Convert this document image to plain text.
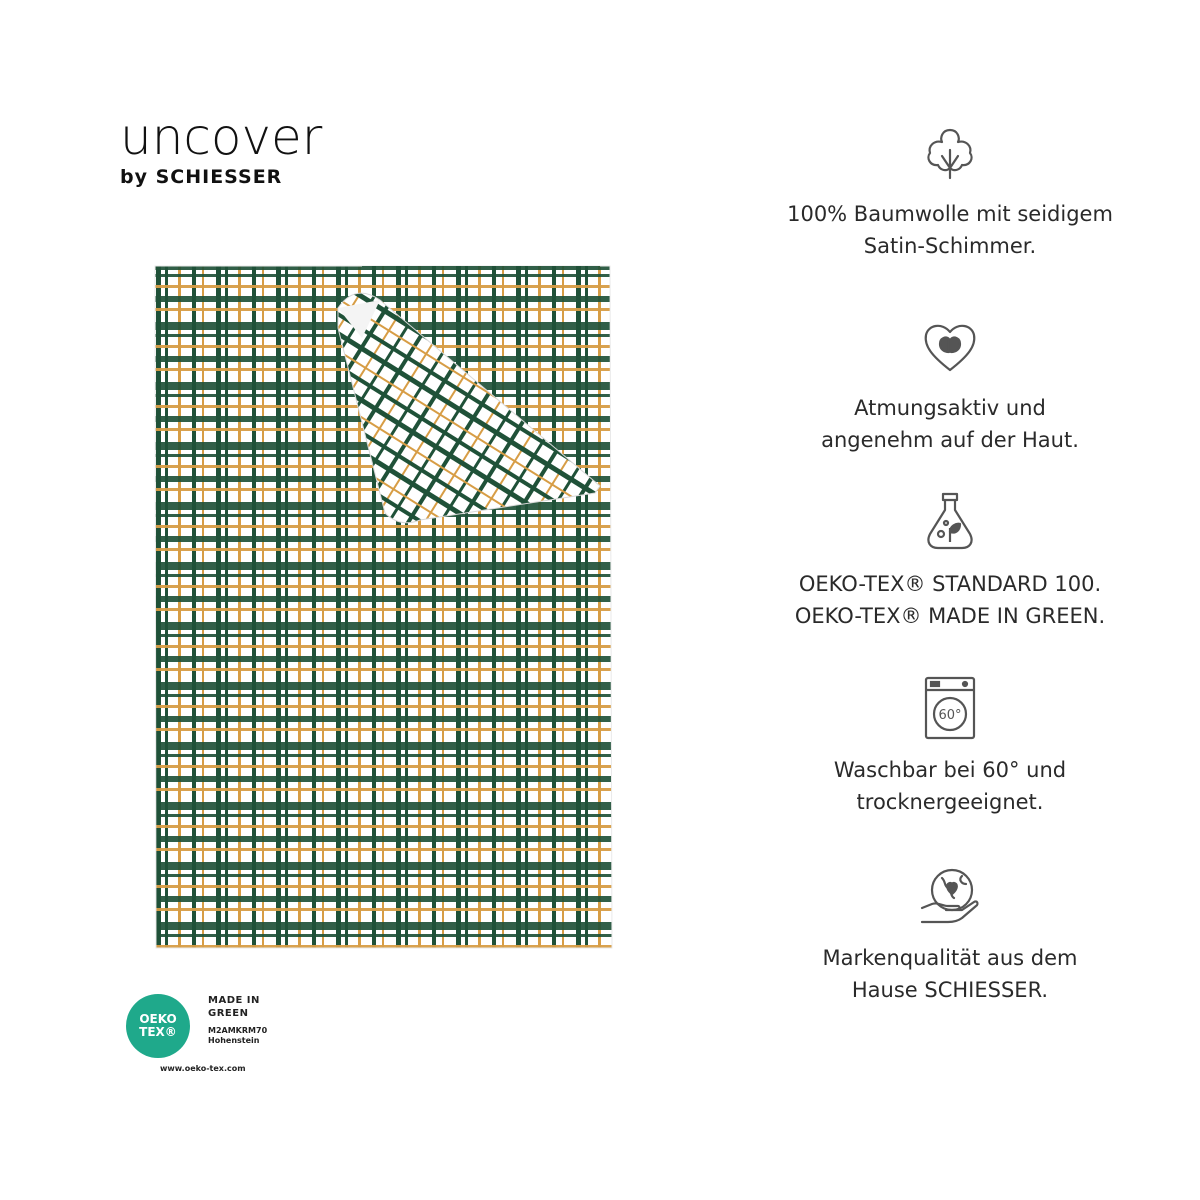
uncover
by SCHIESSER
OEKO
TEX®
MADE IN
GREEN
M2AMKRM70
Hohenstein
www.oeko-tex.com
100% Baumwolle mit seidigem
Satin-Schimmer.
Atmungsaktiv und
angenehm auf der Haut.
OEKO-TEX® STANDARD 100.
OEKO-TEX® MADE IN GREEN.
60°
Waschbar bei 60° und
trocknergeeignet.
Markenqualität aus dem
Hause SCHIESSER.
